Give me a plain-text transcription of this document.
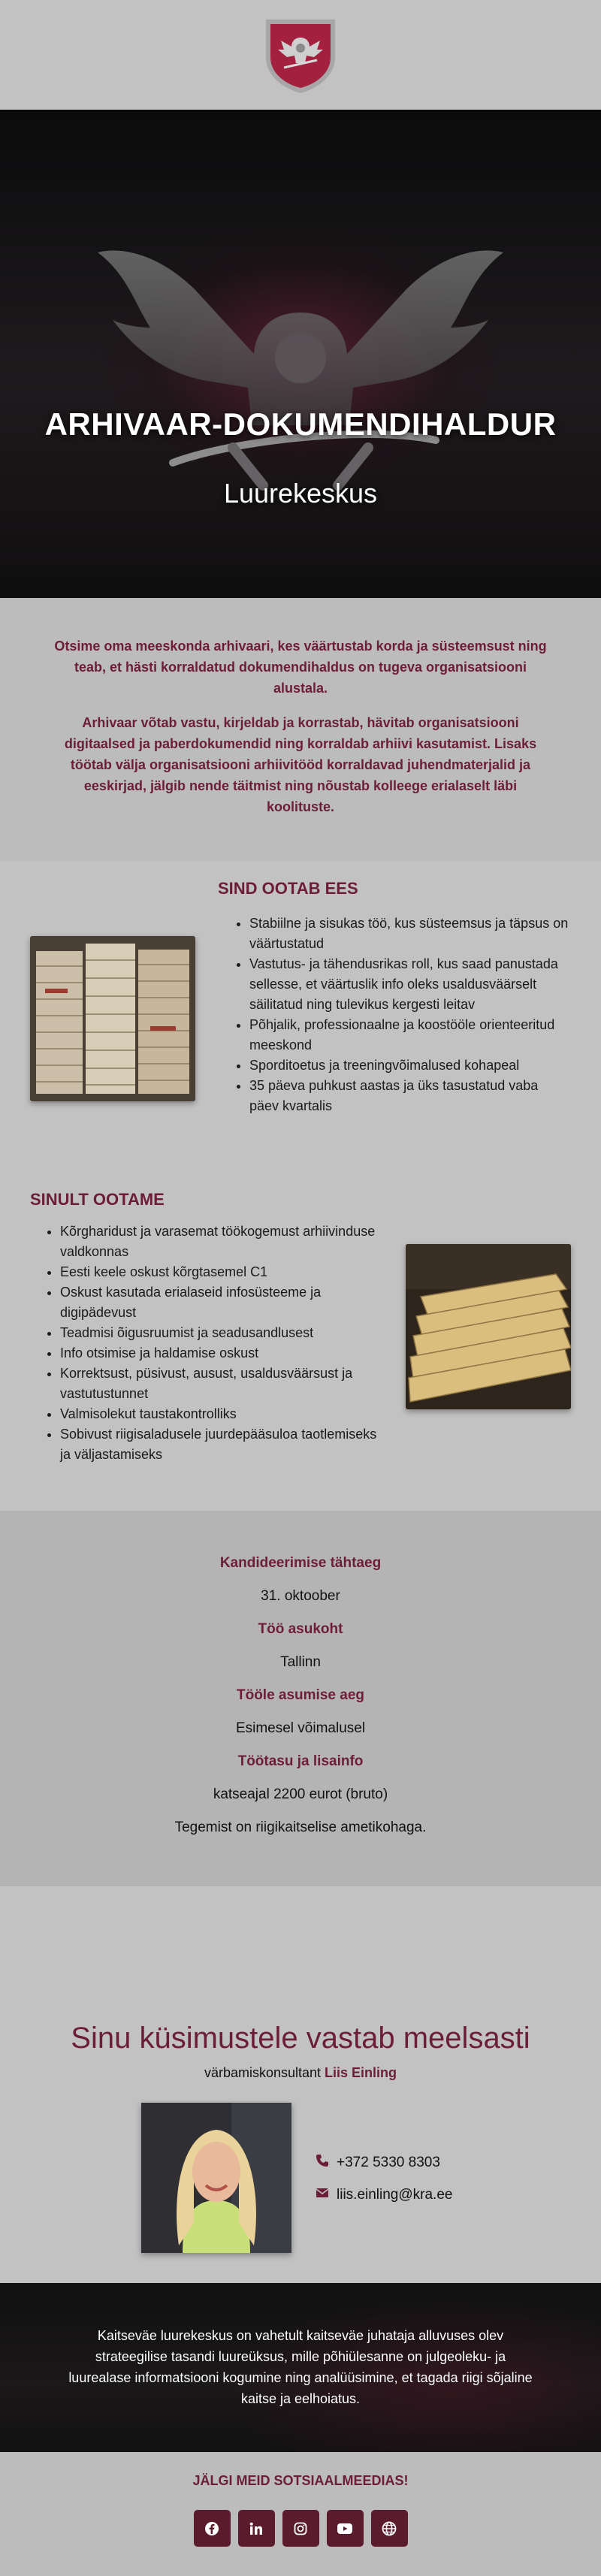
ARHIVAAR-DOKUMENDIHALDUR
Luurekeskus

Otsime oma meeskonda arhivaari, kes väärtustab korda ja süsteemsust ning teab, et hästi korraldatud dokumendihaldus on tugeva organisatsiooni alustala.

Arhivaar võtab vastu, kirjeldab ja korrastab, hävitab organisatsiooni digitaalsed ja paberdokumendid ning korraldab arhiivi kasutamist. Lisaks töötab välja organisatsiooni arhiivitööd korraldavad juhendmaterjalid ja eeskirjad, jälgib nende täitmist ning nõustab kolleege erialaselt läbi koolituste.

SIND OOTAB EES
• Stabiilne ja sisukas töö, kus süsteemsus ja täpsus on väärtustatud
• Vastutus- ja tähendusrikas roll, kus saad panustada sellesse, et väärtuslik info oleks usaldusväärselt säilitatud ning tulevikus kergesti leitav
• Põhjalik, professionaalne ja koostööle orienteeritud meeskond
• Sporditoetus ja treeningvõimalused kohapeal
• 35 päeva puhkust aastas ja üks tasustatud vaba päev kvartalis
SINULT OOTAME
• Kõrgharidust ja varasemat töökogemust arhiivinduse valdkonnas
• Eesti keele oskust kõrgtasemel C1
• Oskust kasutada erialaseid infosüsteeme ja digipädevust
• Teadmisi õigusruumist ja seadusandlusest
• Info otsimise ja haldamise oskust
• Korrektsust, püsivust, ausust, usaldusväärsust ja vastutustunnet
• Valmisolekut taustakontrolliks
• Sobivust riigisaladusele juurdepääsuloa taotlemiseks ja väljastamiseks
Kandideerimise tähtaeg
31. oktoober
Töö asukoht
Tallinn
Tööle asumise aeg
Esimesel võimalusel
Töötasu ja lisainfo
katseajal 2200 eurot (bruto)
Tegemist on riigikaitselise ametikohaga.
Sinu küsimustele vastab meelsasti
värbamiskonsultant Liis Einling
+372 5330 8303
liis.einling@kra.ee

Kaitseväe luurekeskus on vahetult kaitseväe juhataja alluvuses olev strateegilise tasandi luureüksus, mille põhiülesanne on julgeoleku- ja luurealase informatsiooni kogumine ning analüüsimine, et tagada riigi sõjaline kaitse ja eelhoiatus.

JÄLGI MEID SOTSIAALMEEDIAS!
